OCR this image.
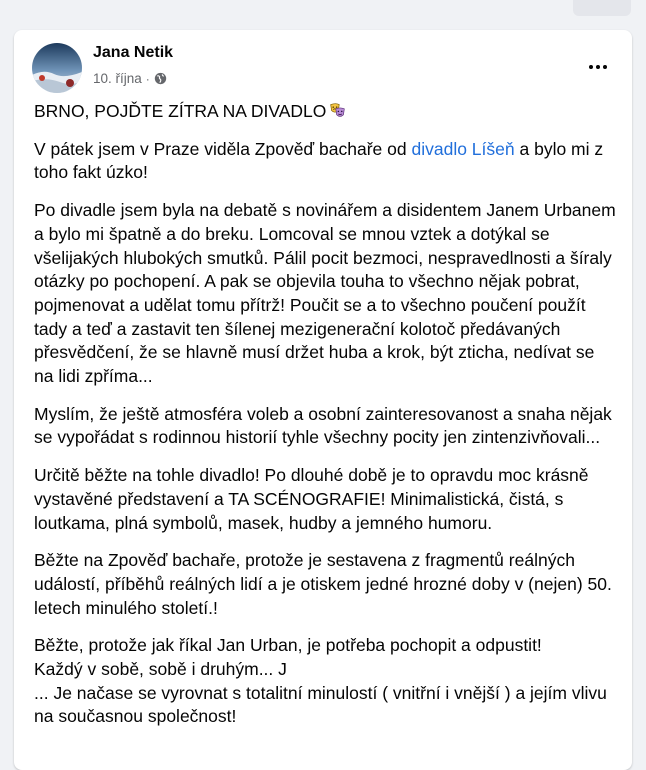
Jana Netik
10. října ·

BRNO, POJĎTE ZÍTRA NA DIVADLO

V pátek jsem v Praze viděla Zpověď bachaře od divadlo Líšeň a bylo mi z toho fakt úzko!

Po divadle jsem byla na debatě s novinářem a disidentem Janem Urbanem a bylo mi špatně a do breku. Lomcoval se mnou vztek a dotýkal se všelijakých hlubokých smutků. Pálil pocit bezmoci, nespravedlnosti a šíraly otázky po pochopení. A pak se objevila touha to všechno nějak pobrat, pojmenovat a udělat tomu přítrž! Poučit se a to všechno poučení použít tady a teď a zastavit ten šílenej mezigenerační kolotoč předávaných přesvědčení, že se hlavně musí držet huba a krok, být zticha, nedívat se na lidi zpříma...

Myslím, že ještě atmosféra voleb a osobní zainteresovanost a snaha nějak se vypořádat s rodinnou historií tyhle všechny pocity jen zintenzivňovali...

Určitě běžte na tohle divadlo! Po dlouhé době je to opravdu moc krásně vystavěné představení a TA SCÉNOGRAFIE! Minimalistická, čistá, s loutkama, plná symbolů, masek, hudby a jemného humoru.

Běžte na Zpověď bachaře, protože je sestavena z fragmentů reálných událostí, příběhů reálných lidí a je otiskem jedné hrozné doby v (nejen) 50. letech minulého století.!

Běžte, protože jak říkal Jan Urban, je potřeba pochopit a odpustit!
Každý v sobě, sobě i druhým... J
... Je načase se vyrovnat s totalitní minulostí ( vnitřní i vnější ) a jejím vlivu na současnou společnost!
